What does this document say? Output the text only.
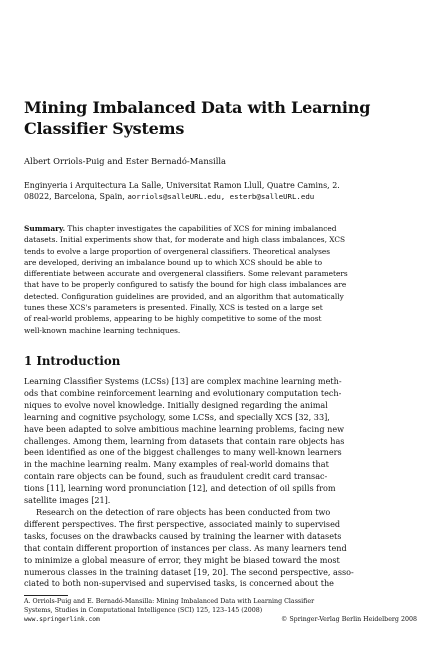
Mining Imbalanced Data with Learning
Classifier Systems
Albert Orriols-Puig and Ester Bernadó-Mansilla
Enginyeria i Arquitectura La Salle, Universitat Ramon Llull, Quatre Camins, 2.
08022, Barcelona, Spain, aorriols@salleURL.edu, esterb@salleURL.edu
Summary. This chapter investigates the capabilities of XCS for mining imbalanced
datasets. Initial experiments show that, for moderate and high class imbalances, XCS
tends to evolve a large proportion of overgeneral classifiers. Theoretical analyses
are developed, deriving an imbalance bound up to which XCS should be able to
differentiate between accurate and overgeneral classifiers. Some relevant parameters
that have to be properly configured to satisfy the bound for high class imbalances are
detected. Configuration guidelines are provided, and an algorithm that automatically
tunes these XCS's parameters is presented. Finally, XCS is tested on a large set
of real-world problems, appearing to be highly competitive to some of the most
well-known machine learning techniques.
1 Introduction
Learning Classifier Systems (LCSs) [13] are complex machine learning meth-
ods that combine reinforcement learning and evolutionary computation tech-
niques to evolve novel knowledge. Initially designed regarding the animal
learning and cognitive psychology, some LCSs, and specially XCS [32, 33],
have been adapted to solve ambitious machine learning problems, facing new
challenges. Among them, learning from datasets that contain rare objects has
been identified as one of the biggest challenges to many well-known learners
in the machine learning realm. Many examples of real-world domains that
contain rare objects can be found, such as fraudulent credit card transac-
tions [11], learning word pronunciation [12], and detection of oil spills from
satellite images [21].
Research on the detection of rare objects has been conducted from two
different perspectives. The first perspective, associated mainly to supervised
tasks, focuses on the drawbacks caused by training the learner with datasets
that contain different proportion of instances per class. As many learners tend
to minimize a global measure of error, they might be biased toward the most
numerous classes in the training dataset [19, 20]. The second perspective, asso-
ciated to both non-supervised and supervised tasks, is concerned about the
A. Orriols-Puig and E. Bernadó-Mansilla: Mining Imbalanced Data with Learning Classifier
Systems, Studies in Computational Intelligence (SCI) 125, 123–145 (2008)
www.springerlink.com	© Springer-Verlag Berlin Heidelberg 2008
